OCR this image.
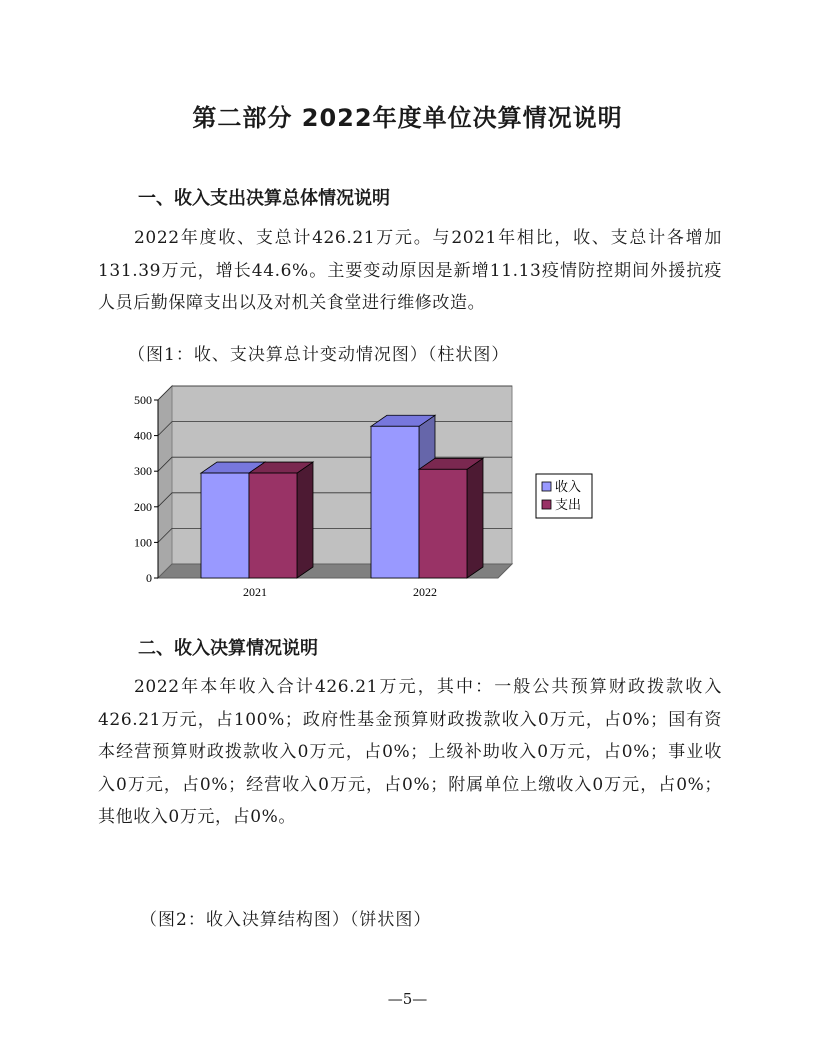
第二部分 2022年度单位决算情况说明
一、收入支出决算总体情况说明
2022年度收、支总计426.21万元。与2021年相比，收、支总计各增加131.39万元，增长44.6%。主要变动原因是新增11.13疫情防控期间外援抗疫人员后勤保障支出以及对机关食堂进行维修改造。
（图1：收、支决算总计变动情况图）（柱状图）
0
100
200
300
400
500
2021	2022
收入
支出
二、收入决算情况说明
2022年本年收入合计426.21万元，其中：一般公共预算财政拨款收入426.21万元，占100%；政府性基金预算财政拨款收入0万元，占0%；国有资本经营预算财政拨款收入0万元，占0%；上级补助收入0万元，占0%；事业收入0万元，占0%；经营收入0万元，占0%；附属单位上缴收入0万元，占0%；其他收入0万元，占0%。
（图2：收入决算结构图）（饼状图）
—5—
